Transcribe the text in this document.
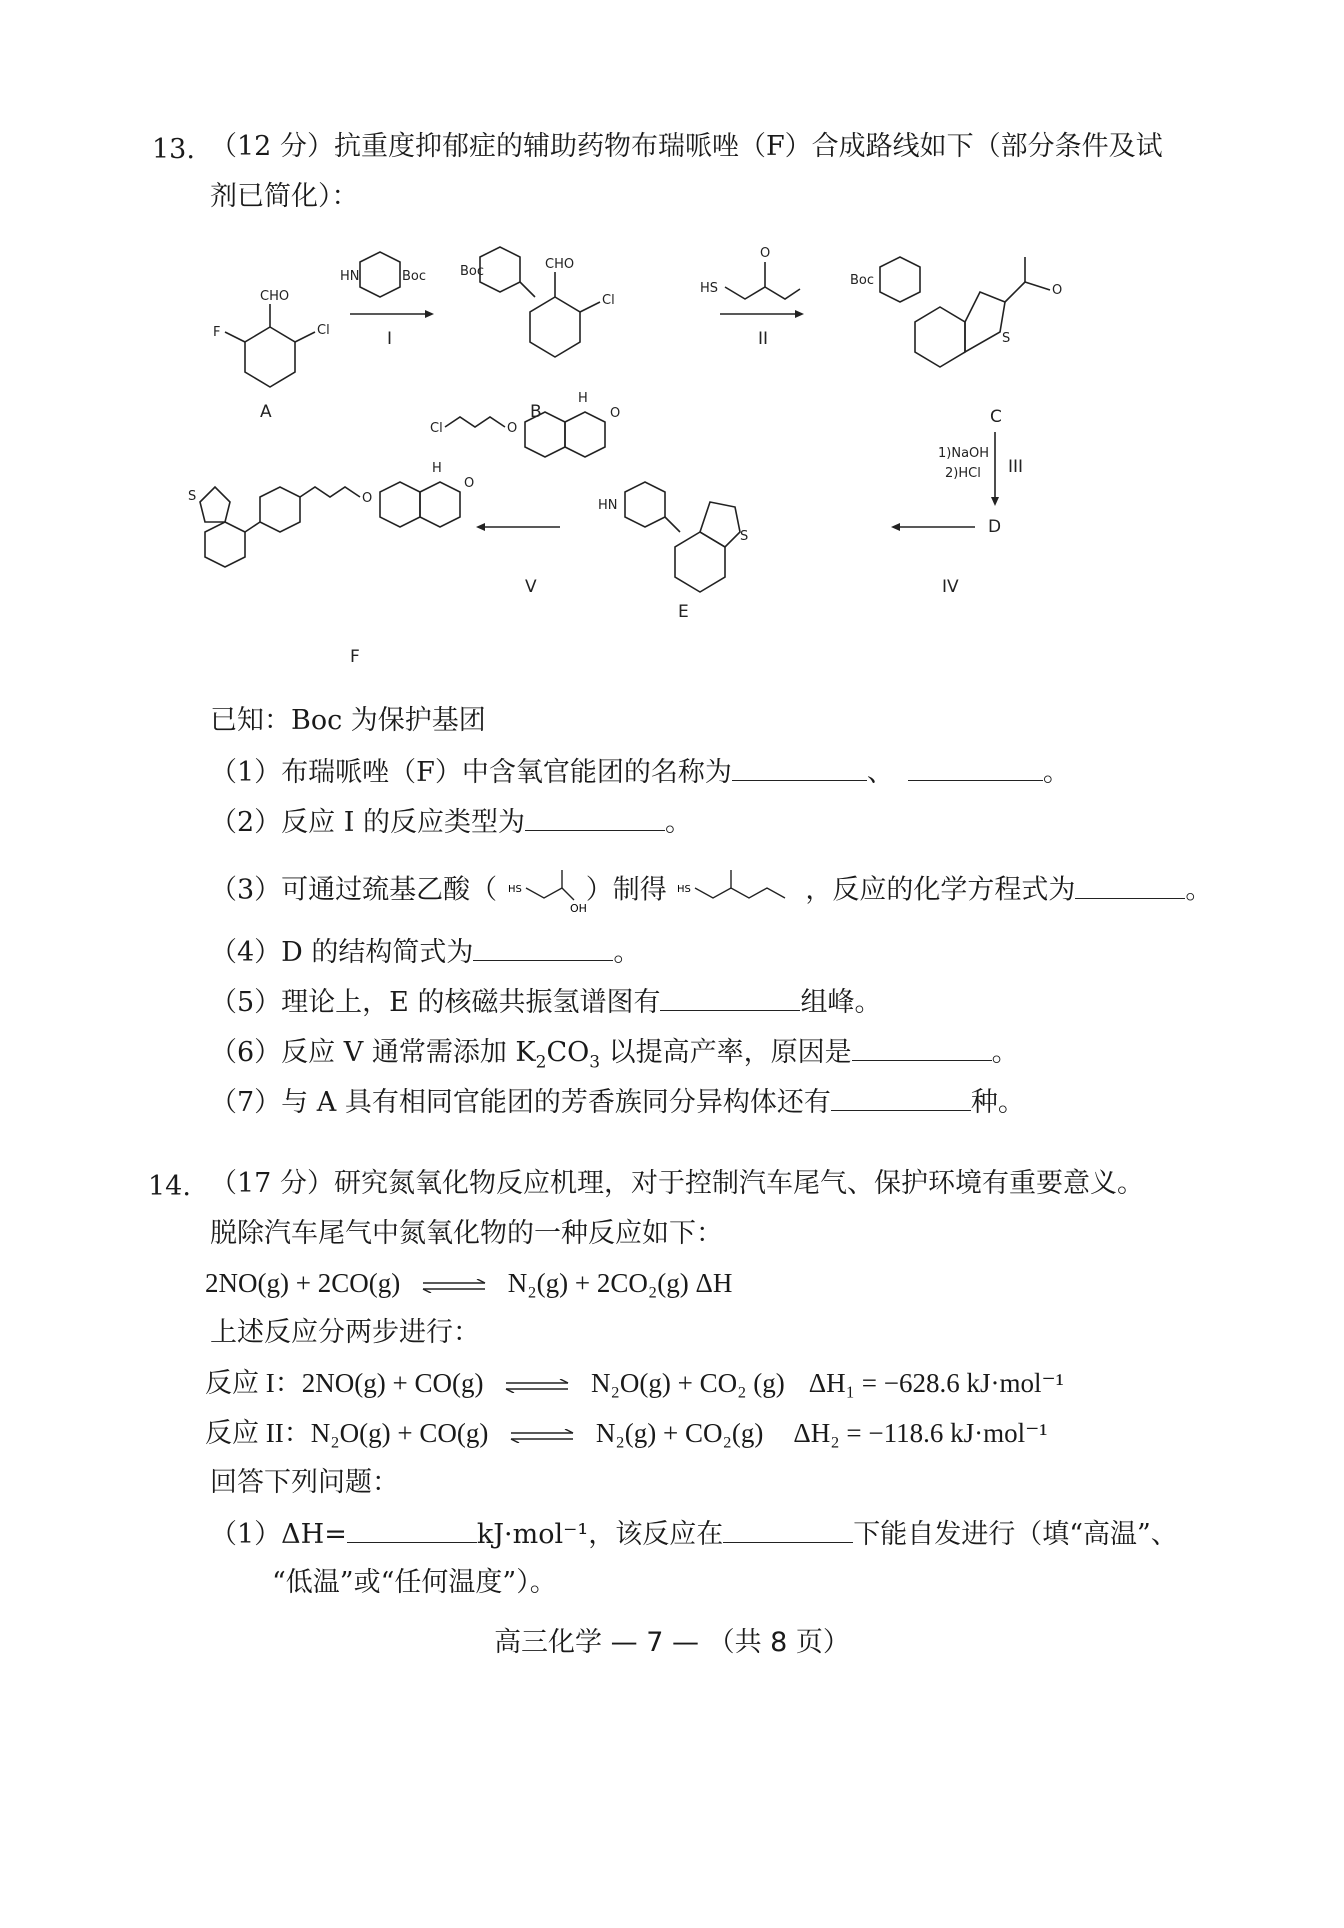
13. （12 分）抗重度抑郁症的辅助药物布瑞哌唑（F）合成路线如下（部分条件及试
剂已简化）：
CHO
Cl
F
A
HN	Boc
I
Boc	CHO
Cl
B
HS
O
II
Boc
S
O
C
1)NaOH
2)HCl III
D
IV
HN
S
E
Cl	O
H
O
V
O
S
H
O
F
已知：Boc 为保护基团
（1）布瑞哌唑（F）中含氧官能团的名称为	、	。
（2）反应 I 的反应类型为	。
（3）可通过巯基乙酸（ HS
OH
）制得 HS	，反应的化学方程式为	。
（4）D 的结构简式为	。
（5）理论上，E 的核磁共振氢谱图有	组峰。
（6）反应 V 通常需添加 $K_2CO_3$ 以提高产率，原因是	。
（7）与 A 具有相同官能团的芳香族同分异构体还有	种。
14. （17 分）研究氮氧化物反应机理，对于控制汽车尾气、保护环境有重要意义。
脱除汽车尾气中氮氧化物的一种反应如下：
2NO(g) + 2CO(g) ⇌ N₂(g) + 2CO₂(g) ΔH
上述反应分两步进行：
反应 I：2NO(g) + CO(g) ⇌ N₂O(g) + CO₂ (g) ΔH₁ = −628.6 kJ·mol⁻¹
反应 II：N₂O(g) + CO(g) ⇌ N₂(g) + CO₂(g) ΔH₂ = −118.6 kJ·mol⁻¹
回答下列问题：
（1）ΔH=	kJ·mol⁻¹，该反应在	下能自发进行（填“高温”、
“低温”或“任何温度”）。
高三化学 — 7 — （共 8 页）
